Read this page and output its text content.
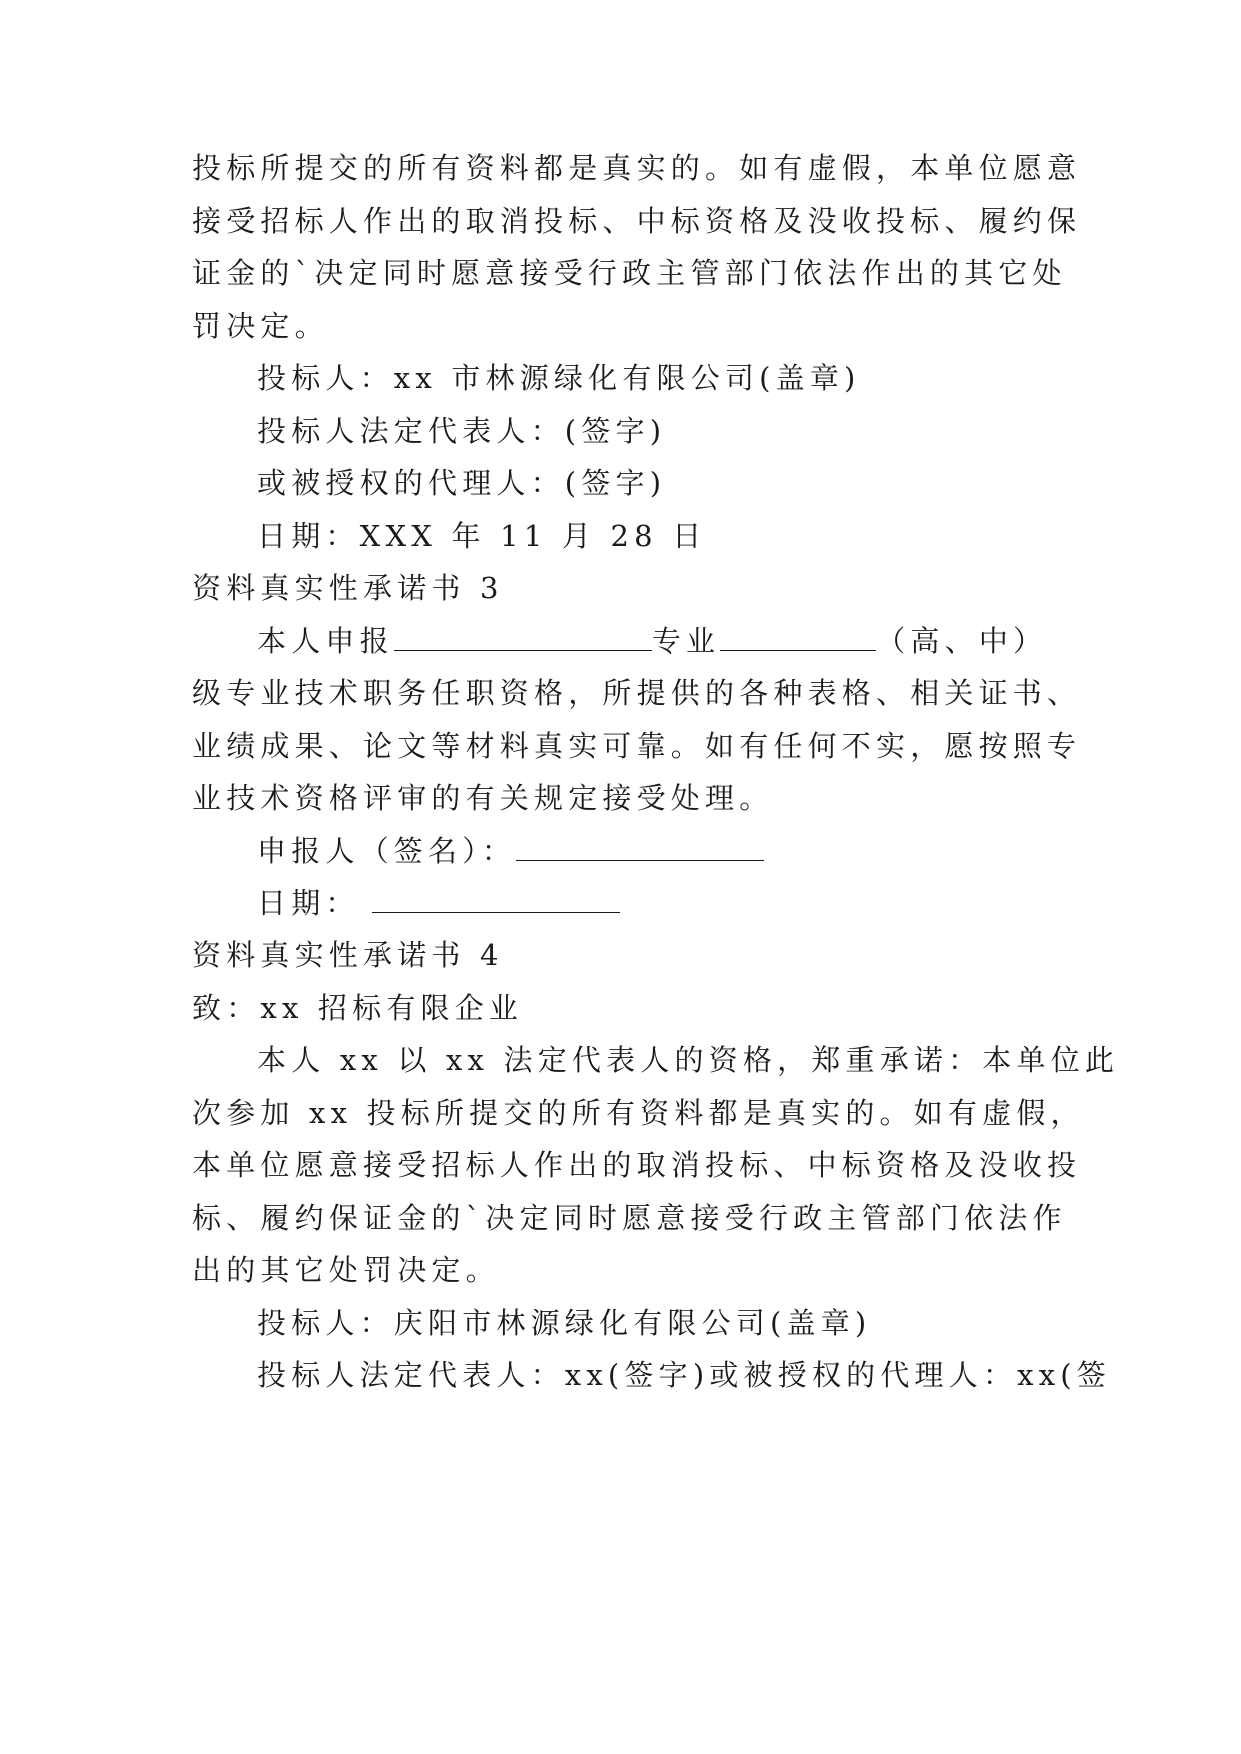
投标所提交的所有资料都是真实的。如有虚假，本单位愿意
接受招标人作出的取消投标、中标资格及没收投标、履约保
证金的`决定同时愿意接受行政主管部门依法作出的其它处
罚决定。
投标人：xx 市林源绿化有限公司(盖章)
投标人法定代表人：(签字)
或被授权的代理人：(签字)
日期：XXX 年 11 月 28 日
资料真实性承诺书 3
本人申报	专业	（高、中）
级专业技术职务任职资格，所提供的各种表格、相关证书、
业绩成果、论文等材料真实可靠。如有任何不实，愿按照专
业技术资格评审的有关规定接受处理。
申报人（签名）：
日期：
资料真实性承诺书 4
致：xx 招标有限企业
本人 xx 以 xx 法定代表人的资格，郑重承诺：本单位此
次参加 xx 投标所提交的所有资料都是真实的。如有虚假，
本单位愿意接受招标人作出的取消投标、中标资格及没收投
标、履约保证金的`决定同时愿意接受行政主管部门依法作
出的其它处罚决定。
投标人：庆阳市林源绿化有限公司(盖章)
投标人法定代表人：xx(签字)或被授权的代理人：xx(签
